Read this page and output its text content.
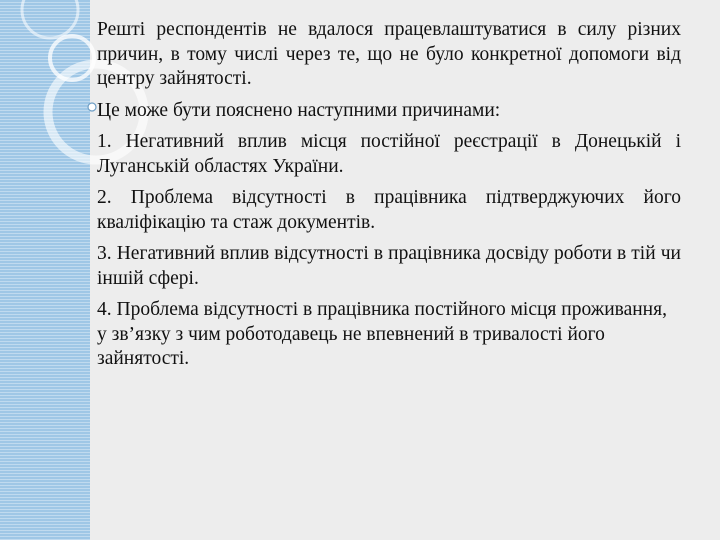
Решті респондентів не вдалося працевлаштуватися в силу різних причин, в тому числі через те, що не було конкретної допомоги від центру зайнятості.

Це може бути пояснено наступними причинами:

1. Негативний вплив місця постійної реєстрації в Донецькій і Луганській областях України.

2. Проблема відсутності в працівника підтверджуючих його кваліфікацію та стаж документів.

3. Негативний вплив відсутності в працівника досвіду роботи в тій чи іншій сфері.

4. Проблема відсутності в працівника постійного місця проживання, у зв’язку з чим роботодавець не впевнений в тривалості його зайнятості.
